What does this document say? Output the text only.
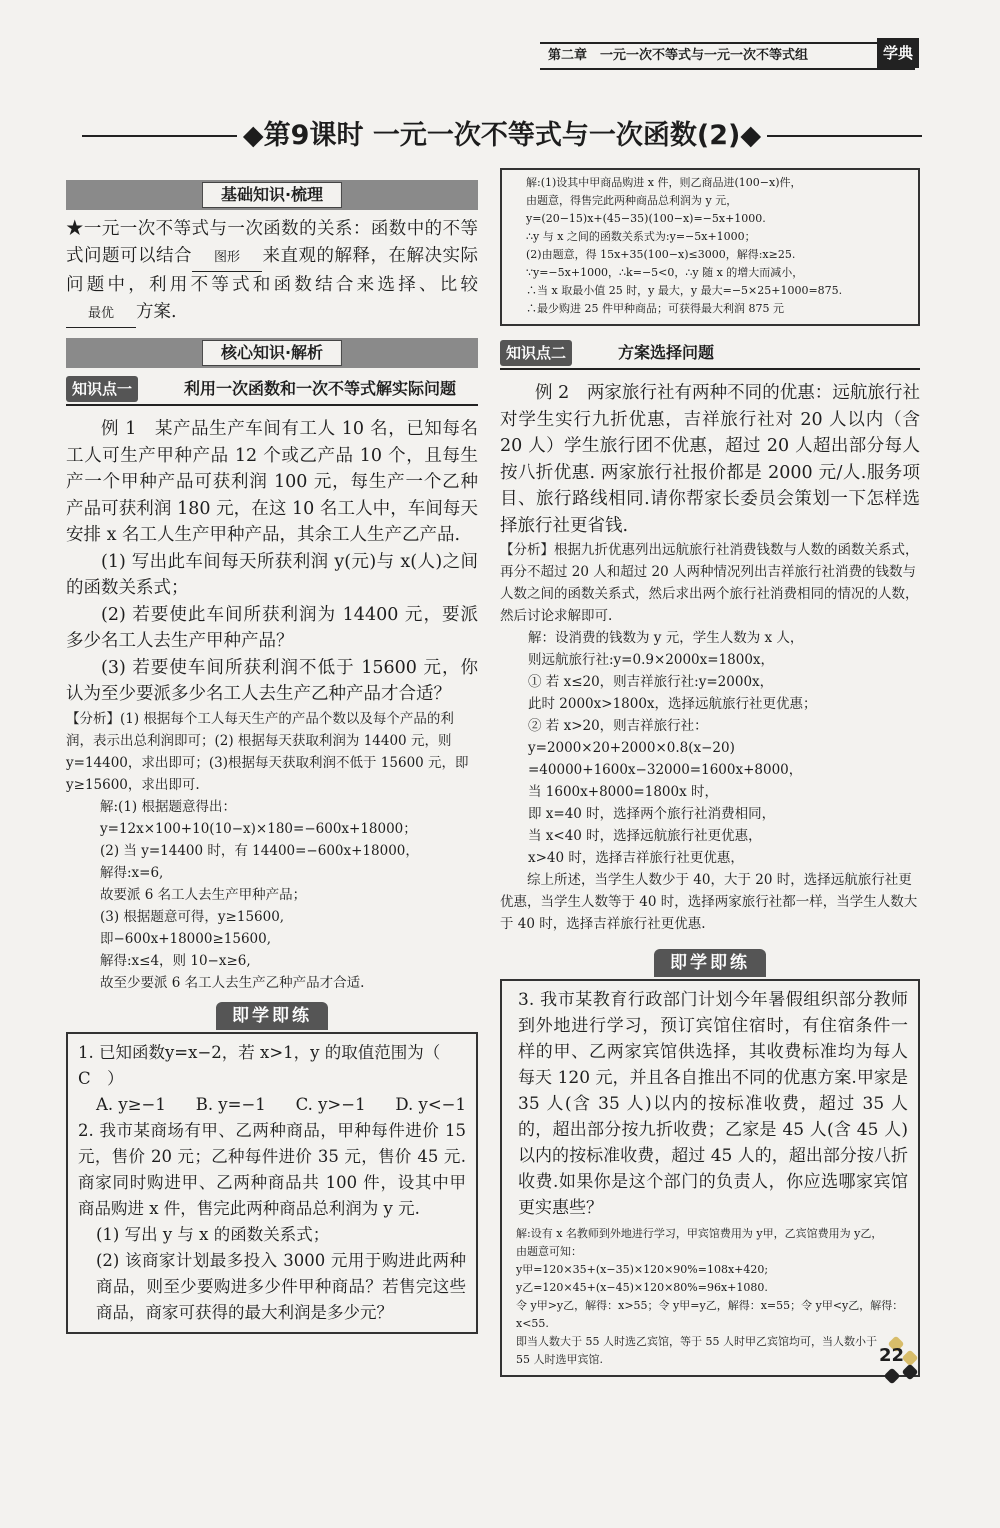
第二章　一元一次不等式与一元一次不等式组	学典
◆第9课时 一元一次不等式与一次函数(2)◆
基础知识·梳理

★一元一次不等式与一次函数的关系：函数中的不等式问题可以结合 图形 来直观的解释，在解决实际问题中，利用不等式和函数结合来选择、比较最优 方案.

核心知识·解析
知识点一	利用一次函数和一次不等式解实际问题

例 1　某产品生产车间有工人 10 名，已知每名工人可生产甲种产品 12 个或乙产品 10 个，且每生产一个甲种产品可获利润 100 元，每生产一个乙种产品可获利润 180 元，在这 10 名工人中，车间每天安排 x 名工人生产甲种产品，其余工人生产乙产品.

(1) 写出此车间每天所获利润 y(元)与 x(人)之间的函数关系式；

(2) 若要使此车间所获利润为 14400 元，要派多少名工人去生产甲种产品？

(3) 若要使车间所获利润不低于 15600 元，你认为至少要派多少名工人去生产乙种产品才合适？

【分析】(1) 根据每个工人每天生产的产品个数以及每个产品的利润，表示出总利润即可；(2) 根据每天获取利润为 14400 元，则 y=14400，求出即可；(3)根据每天获取利润不低于 15600 元，即 y≥15600，求出即可.

解:(1) 根据题意得出：

y=12x×100+10(10−x)×180=−600x+18000；

(2) 当 y=14400 时，有 14400=−600x+18000，

解得:x=6,

故要派 6 名工人去生产甲种产品；

(3) 根据题意可得，y≥15600,

即−600x+18000≥15600,

解得:x≤4，则 10−x≥6,

故至少要派 6 名工人去生产乙种产品才合适.

即学即练

1. 已知函数y=x−2，若 x>1，y 的取值范围为（　C　）

A. y≥−1 B. y=−1 C. y>−1 D. y<−1

2. 我市某商场有甲、乙两种商品，甲种每件进价 15 元，售价 20 元；乙种每件进价 35 元，售价 45 元.商家同时购进甲、乙两种商品共 100 件，设其中甲商品购进 x 件，售完此两种商品总利润为 y 元.

(1) 写出 y 与 x 的函数关系式；

(2) 该商家计划最多投入 3000 元用于购进此两种商品，则至少要购进多少件甲种商品？若售完这些商品，商家可获得的最大利润是多少元？

解:(1)设其中甲商品购进 x 件，则乙商品进(100−x)件，

由题意，得售完此两种商品总利润为 y 元，

y=(20−15)x+(45−35)(100−x)=−5x+1000.

∴y 与 x 之间的函数关系式为:y=−5x+1000；

(2)由题意，得 15x+35(100−x)≤3000，解得:x≥25.

∵y=−5x+1000，∴k=−5<0，∴y 随 x 的增大而减小，

∴当 x 取最小值 25 时，y 最大，y 最大=−5×25+1000=875.

∴最少购进 25 件甲种商品；可获得最大利润 875 元

知识点二	方案选择问题

例 2　两家旅行社有两种不同的优惠：远航旅行社对学生实行九折优惠，吉祥旅行社对 20 人以内（含 20 人）学生旅行团不优惠，超过 20 人超出部分每人按八折优惠. 两家旅行社报价都是 2000 元/人.服务项目、旅行路线相同.请你帮家长委员会策划一下怎样选择旅行社更省钱.

【分析】根据九折优惠列出远航旅行社消费钱数与人数的函数关系式，再分不超过 20 人和超过 20 人两种情况列出吉祥旅行社消费的钱数与人数之间的函数关系式，然后求出两个旅行社消费相同的情况的人数，然后讨论求解即可.

解：设消费的钱数为 y 元，学生人数为 x 人，

则远航旅行社:y=0.9×2000x=1800x，

① 若 x≤20，则吉祥旅行社:y=2000x，

此时 2000x>1800x，选择远航旅行社更优惠；

② 若 x>20，则吉祥旅行社：

y=2000×20+2000×0.8(x−20)

=40000+1600x−32000=1600x+8000，

当 1600x+8000=1800x 时，

即 x=40 时，选择两个旅行社消费相同，

当 x<40 时，选择远航旅行社更优惠，

x>40 时，选择吉祥旅行社更优惠，

综上所述，当学生人数少于 40，大于 20 时，选择远航旅行社更优惠，当学生人数等于 40 时，选择两家旅行社都一样，当学生人数大于 40 时，选择吉祥旅行社更优惠.

即学即练

3. 我市某教育行政部门计划今年暑假组织部分教师到外地进行学习，预订宾馆住宿时，有住宿条件一样的甲、乙两家宾馆供选择，其收费标准均为每人每天 120 元，并且各自推出不同的优惠方案.甲家是 35 人(含 35 人)以内的按标准收费，超过 35 人的，超出部分按九折收费；乙家是 45 人(含 45 人)以内的按标准收费，超过 45 人的，超出部分按八折收费.如果你是这个部门的负责人，你应选哪家宾馆更实惠些？

解:设有 x 名教师到外地进行学习，甲宾馆费用为 y甲，乙宾馆费用为 y乙，

由题意可知：

y甲=120×35+(x−35)×120×90%=108x+420;

y乙=120×45+(x−45)×120×80%=96x+1080.

令 y甲>y乙，解得：x>55；令 y甲=y乙，解得：x=55；令 y甲<y乙，解得：x<55.

即当人数大于 55 人时选乙宾馆，等于 55 人时甲乙宾馆均可，当人数小于

55 人时选甲宾馆.	22
